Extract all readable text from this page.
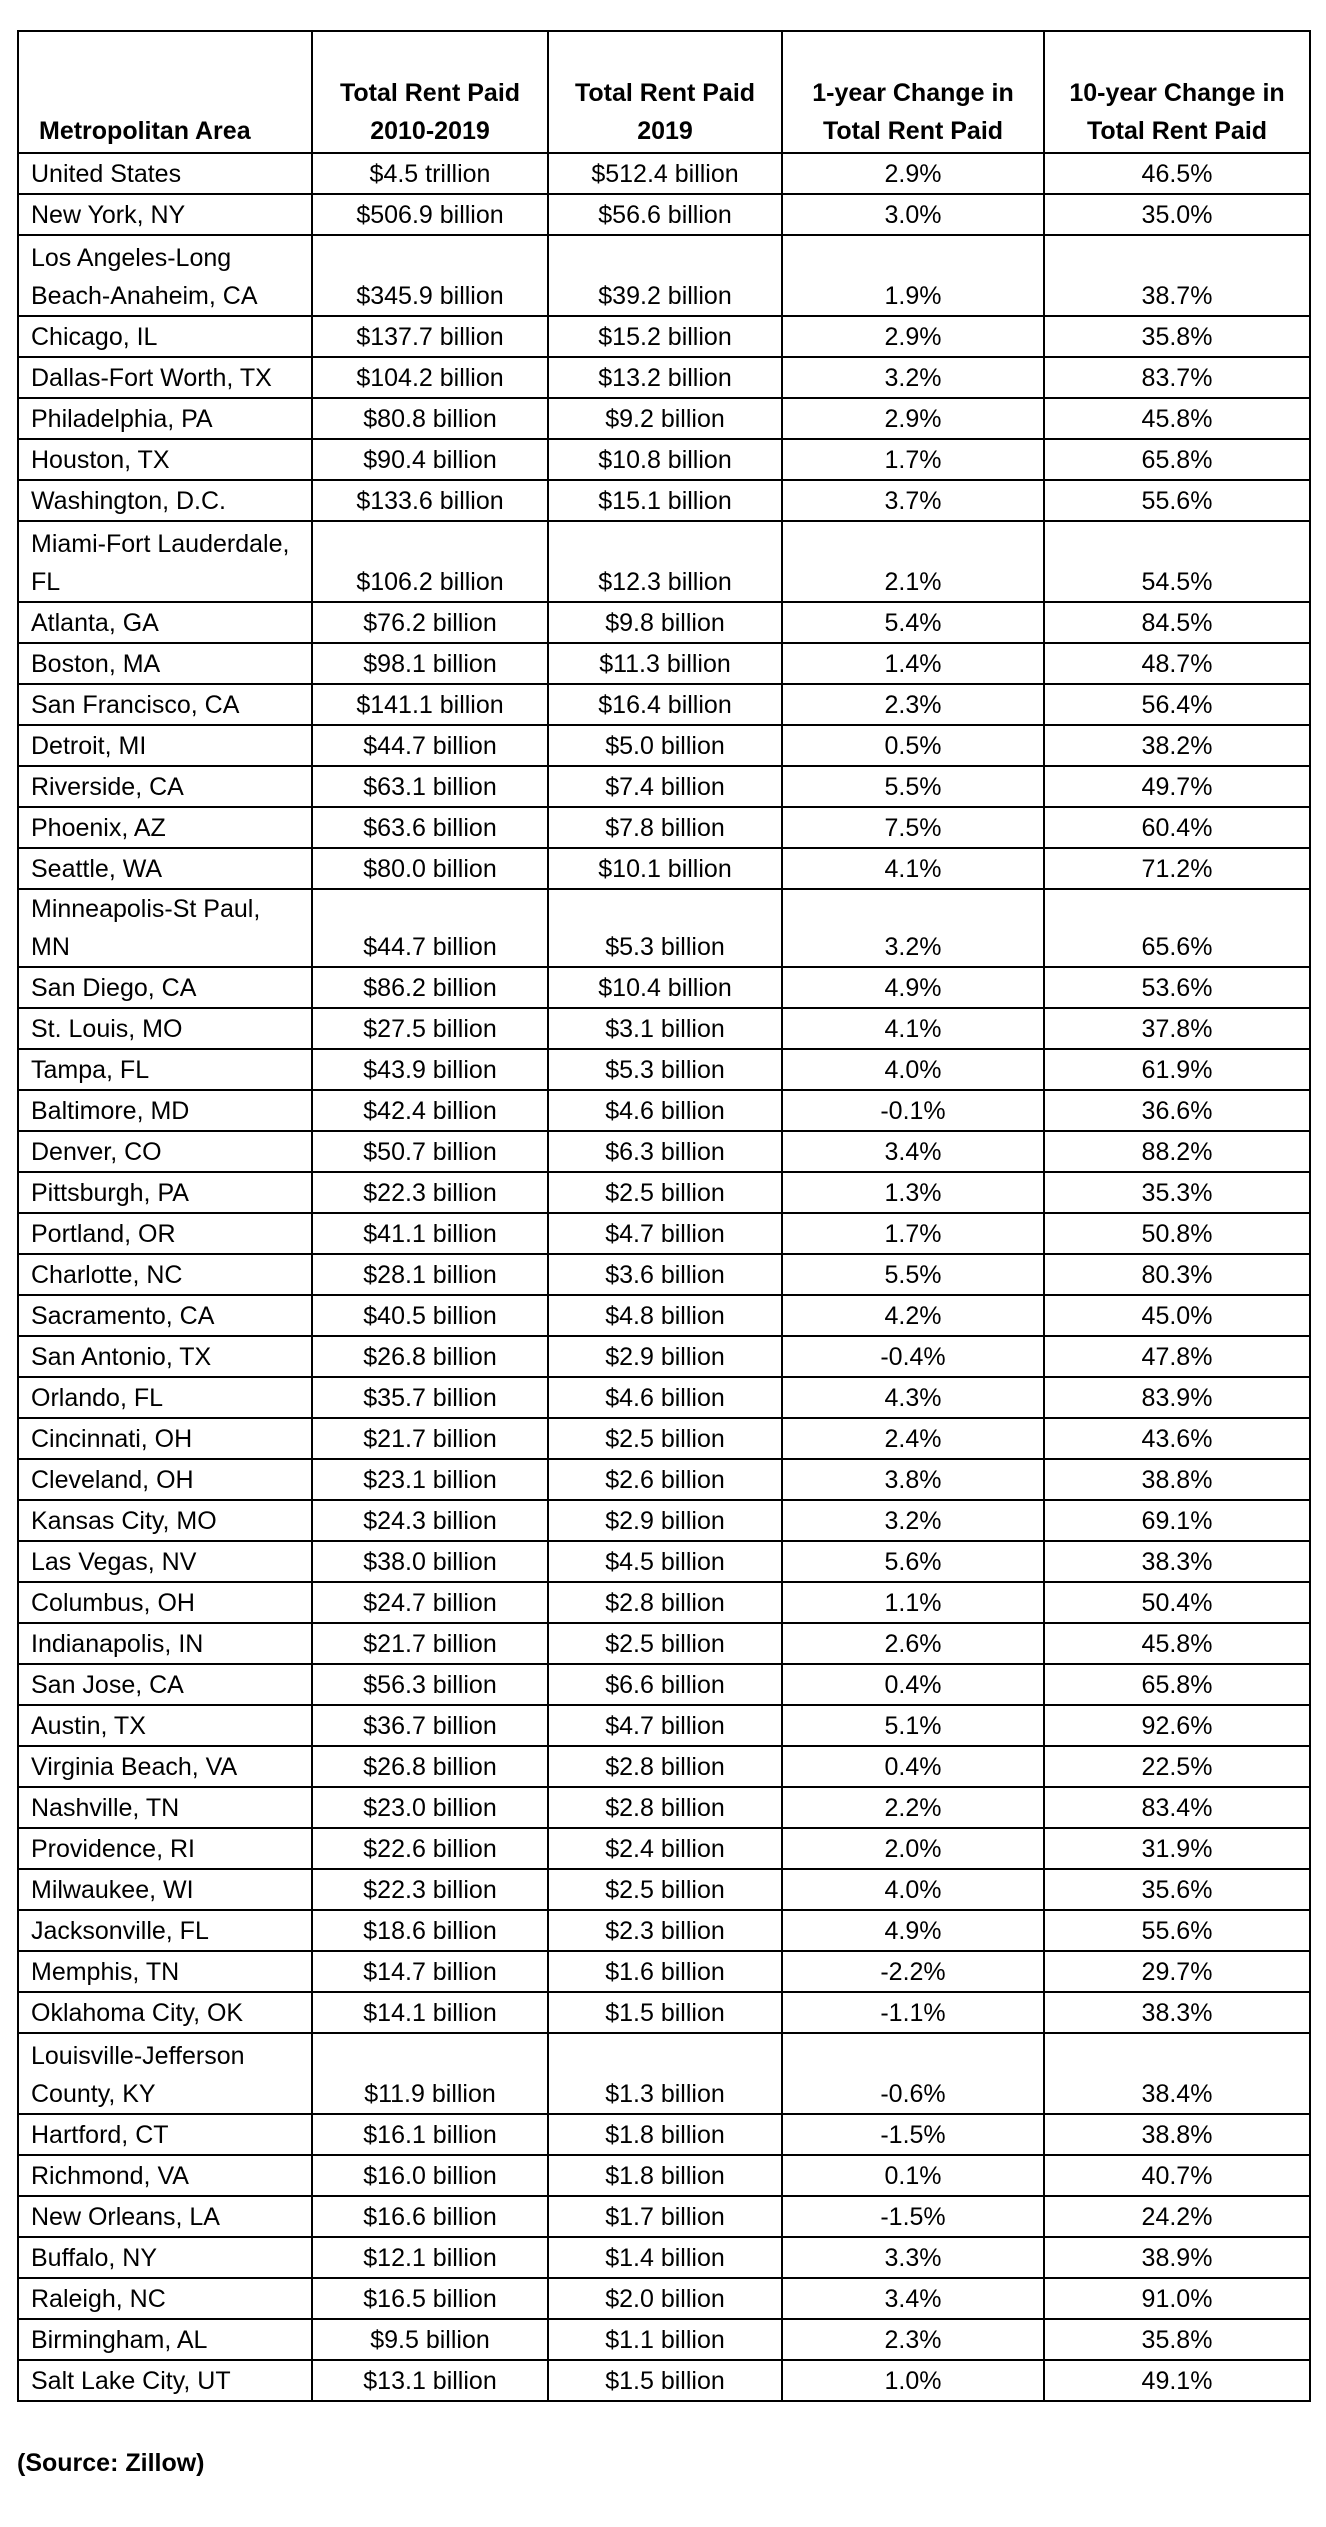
Metropolitan Area	Total Rent Paid 2010-2019	Total Rent Paid 2019	1-year Change in Total Rent Paid	10-year Change in Total Rent Paid
United States	$4.5 trillion	$512.4 billion	2.9%	46.5%
New York, NY	$506.9 billion	$56.6 billion	3.0%	35.0%
Los Angeles-Long Beach-Anaheim, CA	$345.9 billion	$39.2 billion	1.9%	38.7%
Chicago, IL	$137.7 billion	$15.2 billion	2.9%	35.8%
Dallas-Fort Worth, TX	$104.2 billion	$13.2 billion	3.2%	83.7%
Philadelphia, PA	$80.8 billion	$9.2 billion	2.9%	45.8%
Houston, TX	$90.4 billion	$10.8 billion	1.7%	65.8%
Washington, D.C.	$133.6 billion	$15.1 billion	3.7%	55.6%
Miami-Fort Lauderdale, FL	$106.2 billion	$12.3 billion	2.1%	54.5%
Atlanta, GA	$76.2 billion	$9.8 billion	5.4%	84.5%
Boston, MA	$98.1 billion	$11.3 billion	1.4%	48.7%
San Francisco, CA	$141.1 billion	$16.4 billion	2.3%	56.4%
Detroit, MI	$44.7 billion	$5.0 billion	0.5%	38.2%
Riverside, CA	$63.1 billion	$7.4 billion	5.5%	49.7%
Phoenix, AZ	$63.6 billion	$7.8 billion	7.5%	60.4%
Seattle, WA	$80.0 billion	$10.1 billion	4.1%	71.2%
Minneapolis-St Paul, MN	$44.7 billion	$5.3 billion	3.2%	65.6%
San Diego, CA	$86.2 billion	$10.4 billion	4.9%	53.6%
St. Louis, MO	$27.5 billion	$3.1 billion	4.1%	37.8%
Tampa, FL	$43.9 billion	$5.3 billion	4.0%	61.9%
Baltimore, MD	$42.4 billion	$4.6 billion	-0.1%	36.6%
Denver, CO	$50.7 billion	$6.3 billion	3.4%	88.2%
Pittsburgh, PA	$22.3 billion	$2.5 billion	1.3%	35.3%
Portland, OR	$41.1 billion	$4.7 billion	1.7%	50.8%
Charlotte, NC	$28.1 billion	$3.6 billion	5.5%	80.3%
Sacramento, CA	$40.5 billion	$4.8 billion	4.2%	45.0%
San Antonio, TX	$26.8 billion	$2.9 billion	-0.4%	47.8%
Orlando, FL	$35.7 billion	$4.6 billion	4.3%	83.9%
Cincinnati, OH	$21.7 billion	$2.5 billion	2.4%	43.6%
Cleveland, OH	$23.1 billion	$2.6 billion	3.8%	38.8%
Kansas City, MO	$24.3 billion	$2.9 billion	3.2%	69.1%
Las Vegas, NV	$38.0 billion	$4.5 billion	5.6%	38.3%
Columbus, OH	$24.7 billion	$2.8 billion	1.1%	50.4%
Indianapolis, IN	$21.7 billion	$2.5 billion	2.6%	45.8%
San Jose, CA	$56.3 billion	$6.6 billion	0.4%	65.8%
Austin, TX	$36.7 billion	$4.7 billion	5.1%	92.6%
Virginia Beach, VA	$26.8 billion	$2.8 billion	0.4%	22.5%
Nashville, TN	$23.0 billion	$2.8 billion	2.2%	83.4%
Providence, RI	$22.6 billion	$2.4 billion	2.0%	31.9%
Milwaukee, WI	$22.3 billion	$2.5 billion	4.0%	35.6%
Jacksonville, FL	$18.6 billion	$2.3 billion	4.9%	55.6%
Memphis, TN	$14.7 billion	$1.6 billion	-2.2%	29.7%
Oklahoma City, OK	$14.1 billion	$1.5 billion	-1.1%	38.3%
Louisville-Jefferson County, KY	$11.9 billion	$1.3 billion	-0.6%	38.4%
Hartford, CT	$16.1 billion	$1.8 billion	-1.5%	38.8%
Richmond, VA	$16.0 billion	$1.8 billion	0.1%	40.7%
New Orleans, LA	$16.6 billion	$1.7 billion	-1.5%	24.2%
Buffalo, NY	$12.1 billion	$1.4 billion	3.3%	38.9%
Raleigh, NC	$16.5 billion	$2.0 billion	3.4%	91.0%
Birmingham, AL	$9.5 billion	$1.1 billion	2.3%	35.8%
Salt Lake City, UT	$13.1 billion	$1.5 billion	1.0%	49.1%
(Source: Zillow)
